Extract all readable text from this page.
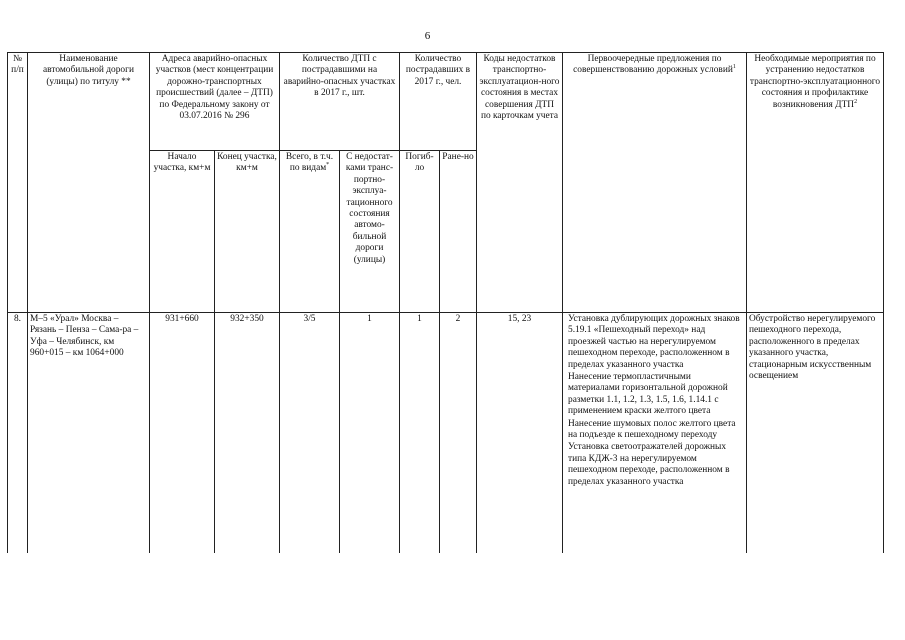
6
№ п/п	Наименование автомобильной дороги (улицы) по титулу **	Адреса аварийно-опасных участков (мест концентрации дорожно-транспортных происшествий (далее – ДТП) по Федеральному закону от 03.07.2016 № 296		Количество ДТП с пострадавшими на аварийно-опасных участках в 2017 г., шт.		Количество пострадавших в 2017 г., чел.		Коды недостатков транспортно-эксплуатацион-ного состояния в местах совершения ДТП по карточкам учета	Первоочередные предложения по совершенствованию дорожных условий$^1$	Необходимые мероприятия по устранению недостатков транспортно-эксплуатационного состояния и профилактике возникновения ДТП$^2$
		Начало участка, км+м	Конец участка, км+м	Всего, в т.ч. по видам*	С недостат-ками транс-портно-эксплуа-тационного состояния автомо-бильной дороги (улицы)	Погиб-ло	Ране-но			
8.	М–5 «Урал» Москва – Рязань – Пенза – Сама-ра – Уфа – Челябинск, км 960+015 – км 1064+000	931+660	932+350	3/5	1	1	2	15, 23	Установка дублирующих дорожных знаков 5.19.1 «Пешеходный переход» над проезжей частью на нерегулируемом пешеходном переходе, расположенном в пределах указанного участка

Нанесение термопластичными материалами горизонтальной дорожной разметки 1.1, 1.2, 1.3, 1.5, 1.6, 1.14.1 с применением краски желтого цвета

Нанесение шумовых полос желтого цвета на подъезде к пешеходному переходу

Установка светоотражателей дорожных типа КДЖ-3 на нерегулируемом пешеходном переходе, расположенном в пределах указанного участка	Обустройство нерегулируемого пешеходного перехода, расположенного в пределах указанного участка, стационарным искусственным освещением
